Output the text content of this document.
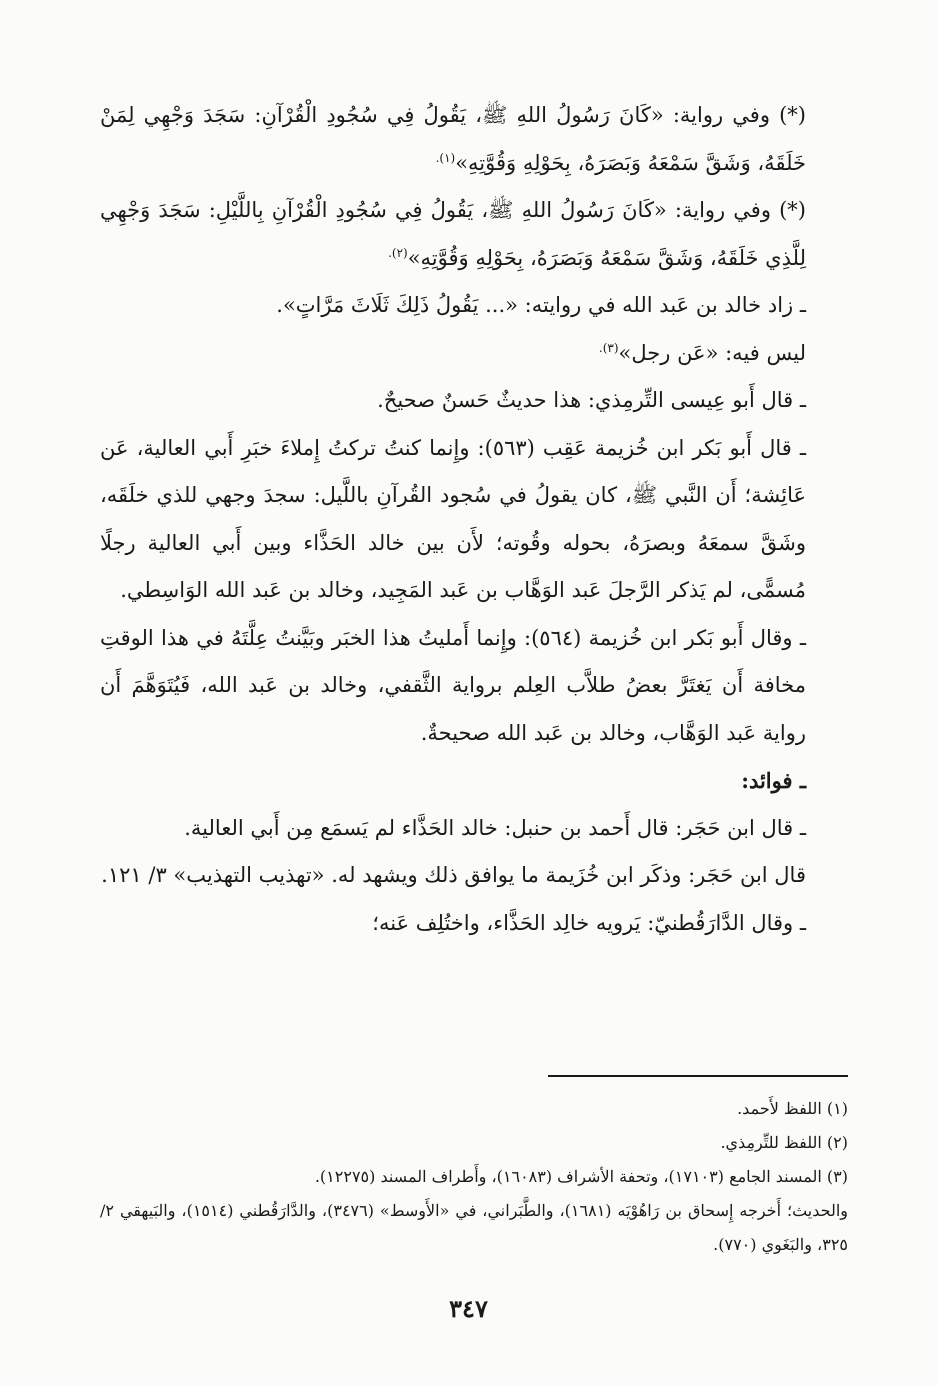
(*) وفي رواية: «كَانَ رَسُولُ اللهِ ﷺ، يَقُولُ فِي سُجُودِ الْقُرْآنِ: سَجَدَ وَجْهِي لِمَنْ خَلَقَهُ، وَشَقَّ سَمْعَهُ وَبَصَرَهُ، بِحَوْلِهِ وَقُوَّتِهِ»$^{(١).}$

(*) وفي رواية: «كَانَ رَسُولُ اللهِ ﷺ، يَقُولُ فِي سُجُودِ الْقُرْآنِ بِاللَّيْلِ: سَجَدَ وَجْهِي لِلَّذِي خَلَقَهُ، وَشَقَّ سَمْعَهُ وَبَصَرَهُ، بِحَوْلِهِ وَقُوَّتِهِ»$^{(٢).}$

ـ زاد خالد بن عَبد الله في روايته: «... يَقُولُ ذَلِكَ ثَلَاثَ مَرَّاتٍ».

ليس فيه: «عَن رجل»$^{(٣).}$

ـ قال أَبو عِيسى التِّرمِذي: هذا حديثٌ حَسنٌ صحيحٌ.

ـ قال أَبو بَكر ابن خُزيمة عَقِب (٥٦٣): وإِنما كنتُ تركتُ إِملاءَ خبَرِ أَبي العالية، عَن عَائِشة؛ أَن النَّبي ﷺ، كان يقولُ في سُجود القُرآنِ باللَّيل: سجدَ وجهي للذي خلَقَه، وشَقَّ سمعَهُ وبصرَهُ، بحوله وقُوته؛ لأَن بين خالد الحَذَّاء وبين أَبي العالية رجلًا مُسمًّى، لم يَذكر الرَّجلَ عَبد الوَهَّاب بن عَبد المَجِيد، وخالد بن عَبد الله الوَاسِطي.

ـ وقال أَبو بَكر ابن خُزيمة (٥٦٤): وإِنما أَمليتُ هذا الخبَر وبَيَّنتُ عِلَّتَهُ في هذا الوقتِ مخافة أَن يَغتَرَّ بعضُ طلاَّب العِلم برواية الثَّقفي، وخالد بن عَبد الله، فَيُتَوَهَّمَ أَن رواية عَبد الوَهَّاب، وخالد بن عَبد الله صحيحةٌ.

ـ فوائد:

ـ قال ابن حَجَر: قال أَحمد بن حنبل: خالد الحَذَّاء لم يَسمَع مِن أَبي العالية.

قال ابن حَجَر: وذكَر ابن خُزَيمة ما يوافق ذلك ويشهد له. «تهذيب التهذيب» ٣/ ١٢١.

ـ وقال الدَّارَقُطنيّ: يَرويه خالِد الحَذَّاء، واختُلِف عَنه؛

(١) اللفظ لأَحمد.

(٢) اللفظ للتِّرمِذي.

(٣) المسند الجامع (١٧١٠٣)، وتحفة الأشراف (١٦٠٨٣)، وأَطراف المسند (١٢٢٧٥).

والحديث؛ أَخرجه إِسحاق بن رَاهُوْيَه (١٦٨١)، والطَّبَراني، في «الأَوسط» (٣٤٧٦)، والدَّارَقُطني (١٥١٤)، والبَيهقي ٢/ ٣٢٥، والبَغَوي (٧٧٠).

٣٤٧
